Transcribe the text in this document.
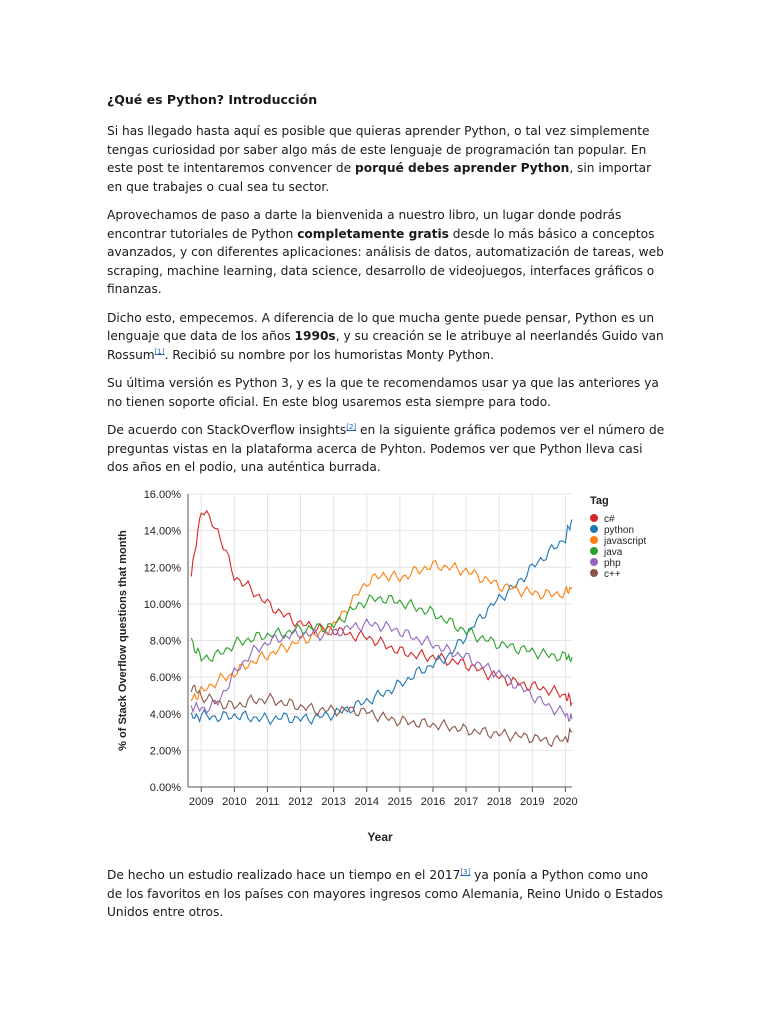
¿Qué es Python? Introducción

Si has llegado hasta aquí es posible que quieras aprender Python, o tal vez simplemente tengas curiosidad por saber algo más de este lenguaje de programación tan popular. En este post te intentaremos convencer de porqué debes aprender Python, sin importar en que trabajes o cual sea tu sector.

Aprovechamos de paso a darte la bienvenida a nuestro libro, un lugar donde podrás encontrar tutoriales de Python completamente gratis desde lo más básico a conceptos avanzados, y con diferentes aplicaciones: análisis de datos, automatización de tareas, web scraping, machine learning, data science, desarrollo de videojuegos, interfaces gráficos o finanzas.

Dicho esto, empecemos. A diferencia de lo que mucha gente puede pensar, Python es un lenguaje que data de los años 1990s, y su creación se le atribuye al neerlandés Guido van Rossum[1]. Recibió su nombre por los humoristas Monty Python.

Su última versión es Python 3, y es la que te recomendamos usar ya que las anteriores ya no tienen soporte oficial. En este blog usaremos esta siempre para todo.

De acuerdo con StackOverflow insights[2] en la siguiente gráfica podemos ver el número de preguntas vistas en la plataforma acerca de Pyhton. Podemos ver que Python lleva casi dos años en el podio, una auténtica burrada.

0.00%
2.00%
4.00%
6.00%
8.00%
10.00%
12.00%
14.00%
16.00%
2009 2010 2011 2012 2013 2014 2015 2016 2017 2018 2019 2020
% of Stack Overflow questions that month
Year
Tag
c#
python
javascript
java
php
c++

De hecho un estudio realizado hace un tiempo en el 2017[3] ya ponía a Python como uno de los favoritos en los países con mayores ingresos como Alemania, Reino Unido o Estados Unidos entre otros.
